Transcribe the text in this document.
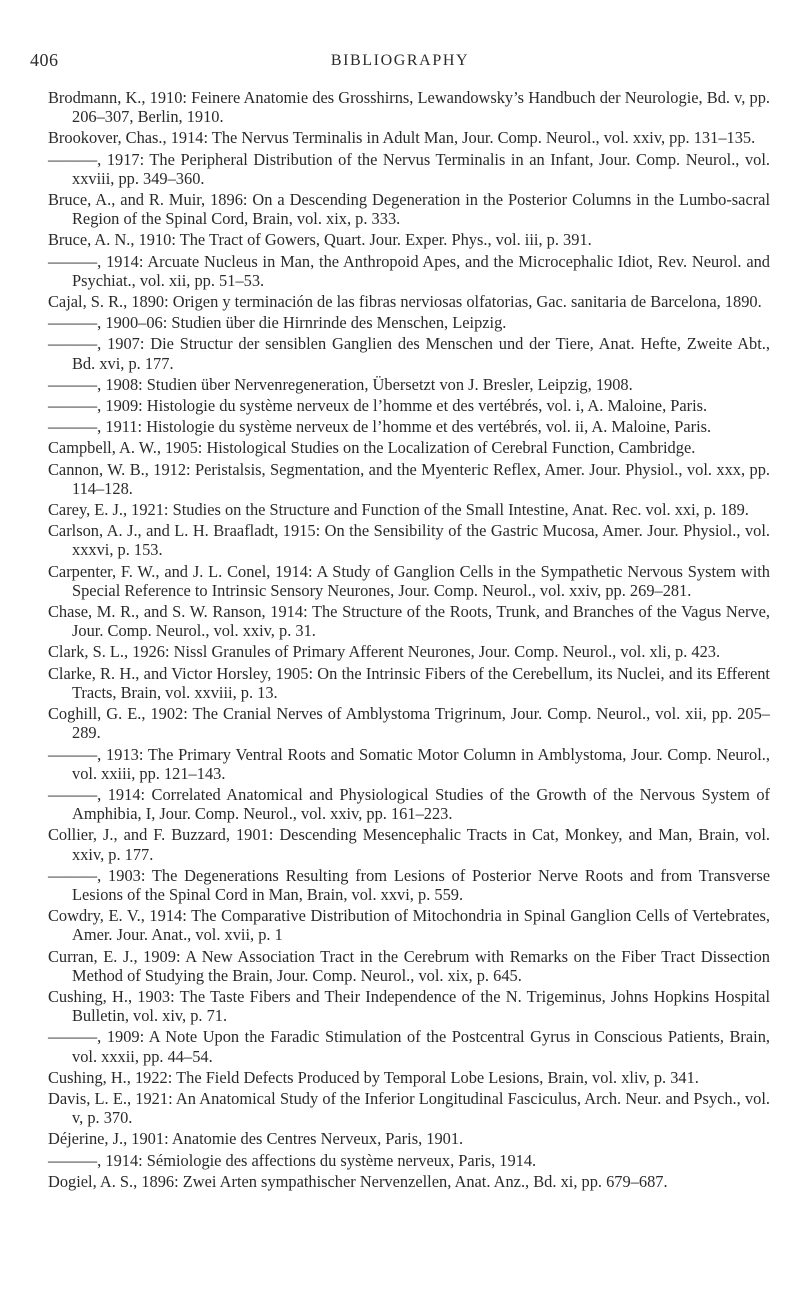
406	BIBLIOGRAPHY

Brodmann, K., 1910: Feinere Anatomie des Grosshirns, Lewandowsky’s Handbuch der Neurologie, Bd. v, pp. 206–307, Berlin, 1910.

Brookover, Chas., 1914: The Nervus Terminalis in Adult Man, Jour. Comp. Neurol., vol. xxiv, pp. 131–135.

———, 1917: The Peripheral Distribution of the Nervus Terminalis in an Infant, Jour. Comp. Neurol., vol. xxviii, pp. 349–360.

Bruce, A., and R. Muir, 1896: On a Descending Degeneration in the Posterior Columns in the Lumbo-sacral Region of the Spinal Cord, Brain, vol. xix, p. 333.

Bruce, A. N., 1910: The Tract of Gowers, Quart. Jour. Exper. Phys., vol. iii, p. 391.

———, 1914: Arcuate Nucleus in Man, the Anthropoid Apes, and the Microcephalic Idiot, Rev. Neurol. and Psychiat., vol. xii, pp. 51–53.

Cajal, S. R., 1890: Origen y terminación de las fibras nerviosas olfatorias, Gac. sanitaria de Barcelona, 1890.

———, 1900–06: Studien über die Hirnrinde des Menschen, Leipzig.

———, 1907: Die Structur der sensiblen Ganglien des Menschen und der Tiere, Anat. Hefte, Zweite Abt., Bd. xvi, p. 177.

———, 1908: Studien über Nervenregeneration, Übersetzt von J. Bresler, Leipzig, 1908.

———, 1909: Histologie du système nerveux de l’homme et des vertébrés, vol. i, A. Maloine, Paris.

———, 1911: Histologie du système nerveux de l’homme et des vertébrés, vol. ii, A. Maloine, Paris.

Campbell, A. W., 1905: Histological Studies on the Localization of Cerebral Function, Cambridge.

Cannon, W. B., 1912: Peristalsis, Segmentation, and the Myenteric Reflex, Amer. Jour. Physiol., vol. xxx, pp. 114–128.

Carey, E. J., 1921: Studies on the Structure and Function of the Small Intestine, Anat. Rec. vol. xxi, p. 189.

Carlson, A. J., and L. H. Braafladt, 1915: On the Sensibility of the Gastric Mucosa, Amer. Jour. Physiol., vol. xxxvi, p. 153.

Carpenter, F. W., and J. L. Conel, 1914: A Study of Ganglion Cells in the Sympathetic Nervous System with Special Reference to Intrinsic Sensory Neurones, Jour. Comp. Neurol., vol. xxiv, pp. 269–281.

Chase, M. R., and S. W. Ranson, 1914: The Structure of the Roots, Trunk, and Branches of the Vagus Nerve, Jour. Comp. Neurol., vol. xxiv, p. 31.

Clark, S. L., 1926: Nissl Granules of Primary Afferent Neurones, Jour. Comp. Neurol., vol. xli, p. 423.

Clarke, R. H., and Victor Horsley, 1905: On the Intrinsic Fibers of the Cerebellum, its Nuclei, and its Efferent Tracts, Brain, vol. xxviii, p. 13.

Coghill, G. E., 1902: The Cranial Nerves of Amblystoma Trigrinum, Jour. Comp. Neurol., vol. xii, pp. 205–289.

———, 1913: The Primary Ventral Roots and Somatic Motor Column in Amblystoma, Jour. Comp. Neurol., vol. xxiii, pp. 121–143.

———, 1914: Correlated Anatomical and Physiological Studies of the Growth of the Nervous System of Amphibia, I, Jour. Comp. Neurol., vol. xxiv, pp. 161–223.

Collier, J., and F. Buzzard, 1901: Descending Mesencephalic Tracts in Cat, Monkey, and Man, Brain, vol. xxiv, p. 177.

———, 1903: The Degenerations Resulting from Lesions of Posterior Nerve Roots and from Transverse Lesions of the Spinal Cord in Man, Brain, vol. xxvi, p. 559.

Cowdry, E. V., 1914: The Comparative Distribution of Mitochondria in Spinal Ganglion Cells of Vertebrates, Amer. Jour. Anat., vol. xvii, p. 1

Curran, E. J., 1909: A New Association Tract in the Cerebrum with Remarks on the Fiber Tract Dissection Method of Studying the Brain, Jour. Comp. Neurol., vol. xix, p. 645.

Cushing, H., 1903: The Taste Fibers and Their Independence of the N. Trigeminus, Johns Hopkins Hospital Bulletin, vol. xiv, p. 71.

———, 1909: A Note Upon the Faradic Stimulation of the Postcentral Gyrus in Conscious Patients, Brain, vol. xxxii, pp. 44–54.

Cushing, H., 1922: The Field Defects Produced by Temporal Lobe Lesions, Brain, vol. xliv, p. 341.

Davis, L. E., 1921: An Anatomical Study of the Inferior Longitudinal Fasciculus, Arch. Neur. and Psych., vol. v, p. 370.

Déjerine, J., 1901: Anatomie des Centres Nerveux, Paris, 1901.

———, 1914: Sémiologie des affections du système nerveux, Paris, 1914.

Dogiel, A. S., 1896: Zwei Arten sympathischer Nervenzellen, Anat. Anz., Bd. xi, pp. 679–687.
